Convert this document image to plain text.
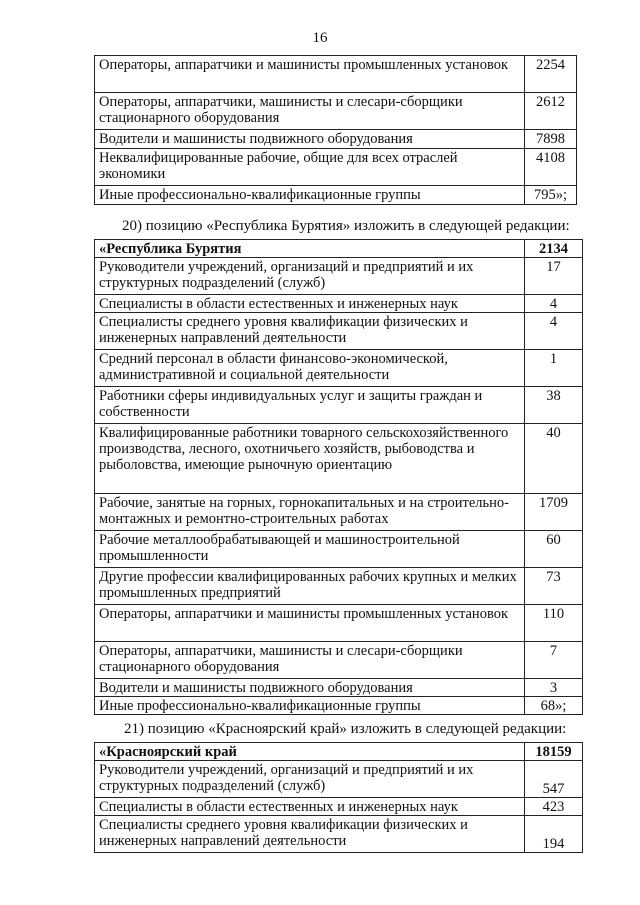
16
Операторы, аппаратчики и машинисты промышленных установок	2254
Операторы, аппаратчики, машинисты и слесари-сборщики стационарного оборудования	2612
Водители и машинисты подвижного оборудования	7898
Неквалифицированные рабочие, общие для всех отраслей экономики	4108
Иные профессионально-квалификационные группы	795»;
20) позицию «Республика Бурятия» изложить в следующей редакции:
«Республика Бурятия	2134
Руководители учреждений, организаций и предприятий и их структурных подразделений (служб)	17
Специалисты в области естественных и инженерных наук	4
Специалисты среднего уровня квалификации физических и инженерных направлений деятельности	4
Средний персонал в области финансово-экономической, административной и социальной деятельности	1
Работники сферы индивидуальных услуг и защиты граждан и собственности	38
Квалифицированные работники товарного сельскохозяйственного производства, лесного, охотничьего хозяйств, рыбоводства и рыболовства, имеющие рыночную ориентацию	40
Рабочие, занятые на горных, горнокапитальных и на строительно-монтажных и ремонтно-строительных работах	1709
Рабочие металлообрабатывающей и машиностроительной промышленности	60
Другие профессии квалифицированных рабочих крупных и мелких промышленных предприятий	73
Операторы, аппаратчики и машинисты промышленных установок	110
Операторы, аппаратчики, машинисты и слесари-сборщики стационарного оборудования	7
Водители и машинисты подвижного оборудования	3
Иные профессионально-квалификационные группы	68»;
21) позицию «Красноярский край» изложить в следующей редакции:
«Красноярский край	18159
Руководители учреждений, организаций и предприятий и их структурных подразделений (служб)	547
Специалисты в области естественных и инженерных наук	423
Специалисты среднего уровня квалификации физических и инженерных направлений деятельности	194
